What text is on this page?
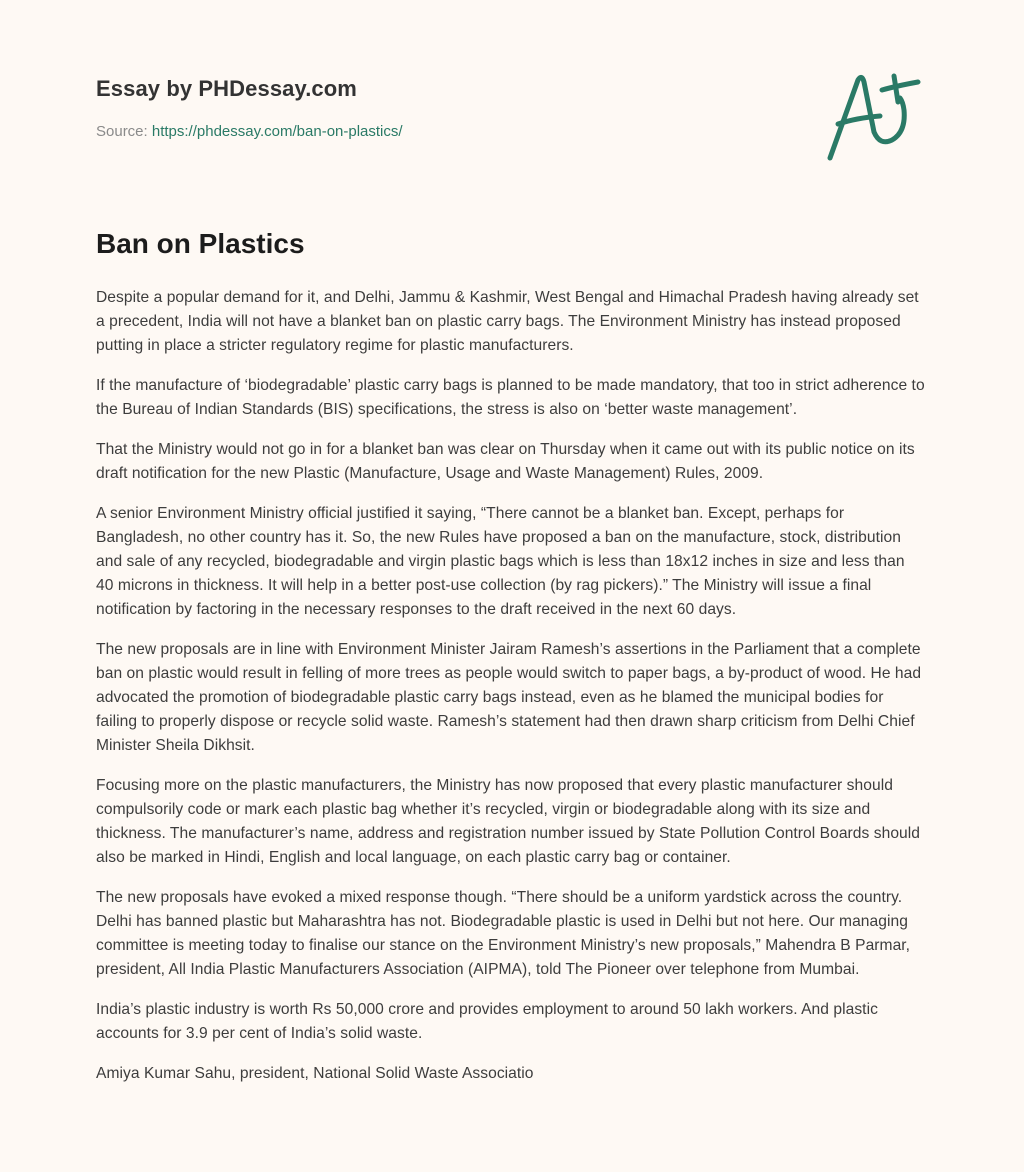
Essay by PHDessay.com
Source: https://phdessay.com/ban-on-plastics/
Ban on Plastics

Despite a popular demand for it, and Delhi, Jammu & Kashmir, West Bengal and Himachal Pradesh having already set a precedent, India will not have a blanket ban on plastic carry bags. The Environment Ministry has instead proposed putting in place a stricter regulatory regime for plastic manufacturers.

If the manufacture of ‘biodegradable’ plastic carry bags is planned to be made mandatory, that too in strict adherence to the Bureau of Indian Standards (BIS) specifications, the stress is also on ‘better waste management’.

That the Ministry would not go in for a blanket ban was clear on Thursday when it came out with its public notice on its draft notification for the new Plastic (Manufacture, Usage and Waste Management) Rules, 2009.

A senior Environment Ministry official justified it saying, “There cannot be a blanket ban. Except, perhaps for Bangladesh, no other country has it. So, the new Rules have proposed a ban on the manufacture, stock, distribution and sale of any recycled, biodegradable and virgin plastic bags which is less than 18x12 inches in size and less than 40 microns in thickness. It will help in a better post-use collection (by rag pickers).” The Ministry will issue a final notification by factoring in the necessary responses to the draft received in the next 60 days.

The new proposals are in line with Environment Minister Jairam Ramesh’s assertions in the Parliament that a complete ban on plastic would result in felling of more trees as people would switch to paper bags, a by-product of wood. He had advocated the promotion of biodegradable plastic carry bags instead, even as he blamed the municipal bodies for failing to properly dispose or recycle solid waste. Ramesh’s statement had then drawn sharp criticism from Delhi Chief Minister Sheila Dikhsit.

Focusing more on the plastic manufacturers, the Ministry has now proposed that every plastic manufacturer should compulsorily code or mark each plastic bag whether it’s recycled, virgin or biodegradable along with its size and thickness. The manufacturer’s name, address and registration number issued by State Pollution Control Boards should also be marked in Hindi, English and local language, on each plastic carry bag or container.

The new proposals have evoked a mixed response though. “There should be a uniform yardstick across the country. Delhi has banned plastic but Maharashtra has not. Biodegradable plastic is used in Delhi but not here. Our managing committee is meeting today to finalise our stance on the Environment Ministry’s new proposals,” Mahendra B Parmar, president, All India Plastic Manufacturers Association (AIPMA), told The Pioneer over telephone from Mumbai.

India’s plastic industry is worth Rs 50,000 crore and provides employment to around 50 lakh workers. And plastic accounts for 3.9 per cent of India’s solid waste.

Amiya Kumar Sahu, president, National Solid Waste Associatio
